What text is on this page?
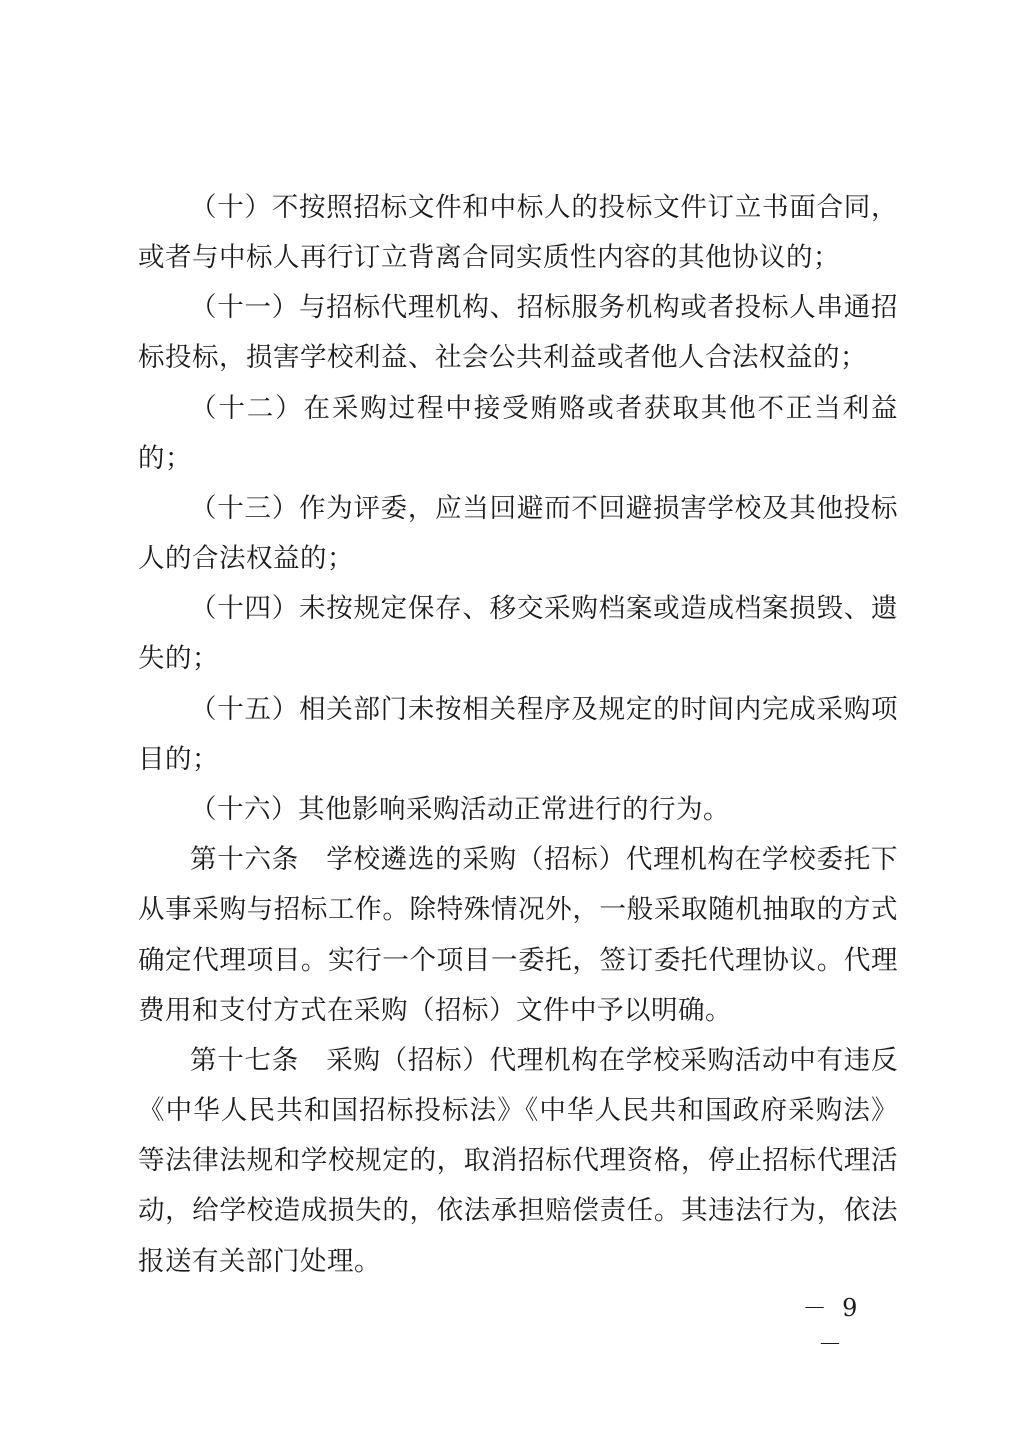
（十）不按照招标文件和中标人的投标文件订立书面合同，
或者与中标人再行订立背离合同实质性内容的其他协议的；
（十一）与招标代理机构、招标服务机构或者投标人串通招
标投标，损害学校利益、社会公共利益或者他人合法权益的；
（十二）在采购过程中接受贿赂或者获取其他不正当利益
的；
（十三）作为评委，应当回避而不回避损害学校及其他投标
人的合法权益的；
（十四）未按规定保存、移交采购档案或造成档案损毁、遗
失的；
（十五）相关部门未按相关程序及规定的时间内完成采购项
目的；
（十六）其他影响采购活动正常进行的行为。
第十六条　学校遴选的采购（招标）代理机构在学校委托下
从事采购与招标工作。除特殊情况外，一般采取随机抽取的方式
确定代理项目。实行一个项目一委托，签订委托代理协议。代理
费用和支付方式在采购（招标）文件中予以明确。
第十七条　采购（招标）代理机构在学校采购活动中有违反
《中华人民共和国招标投标法》《中华人民共和国政府采购法》
等法律法规和学校规定的，取消招标代理资格，停止招标代理活
动，给学校造成损失的，依法承担赔偿责任。其违法行为，依法
报送有关部门处理。
－ 9 －
